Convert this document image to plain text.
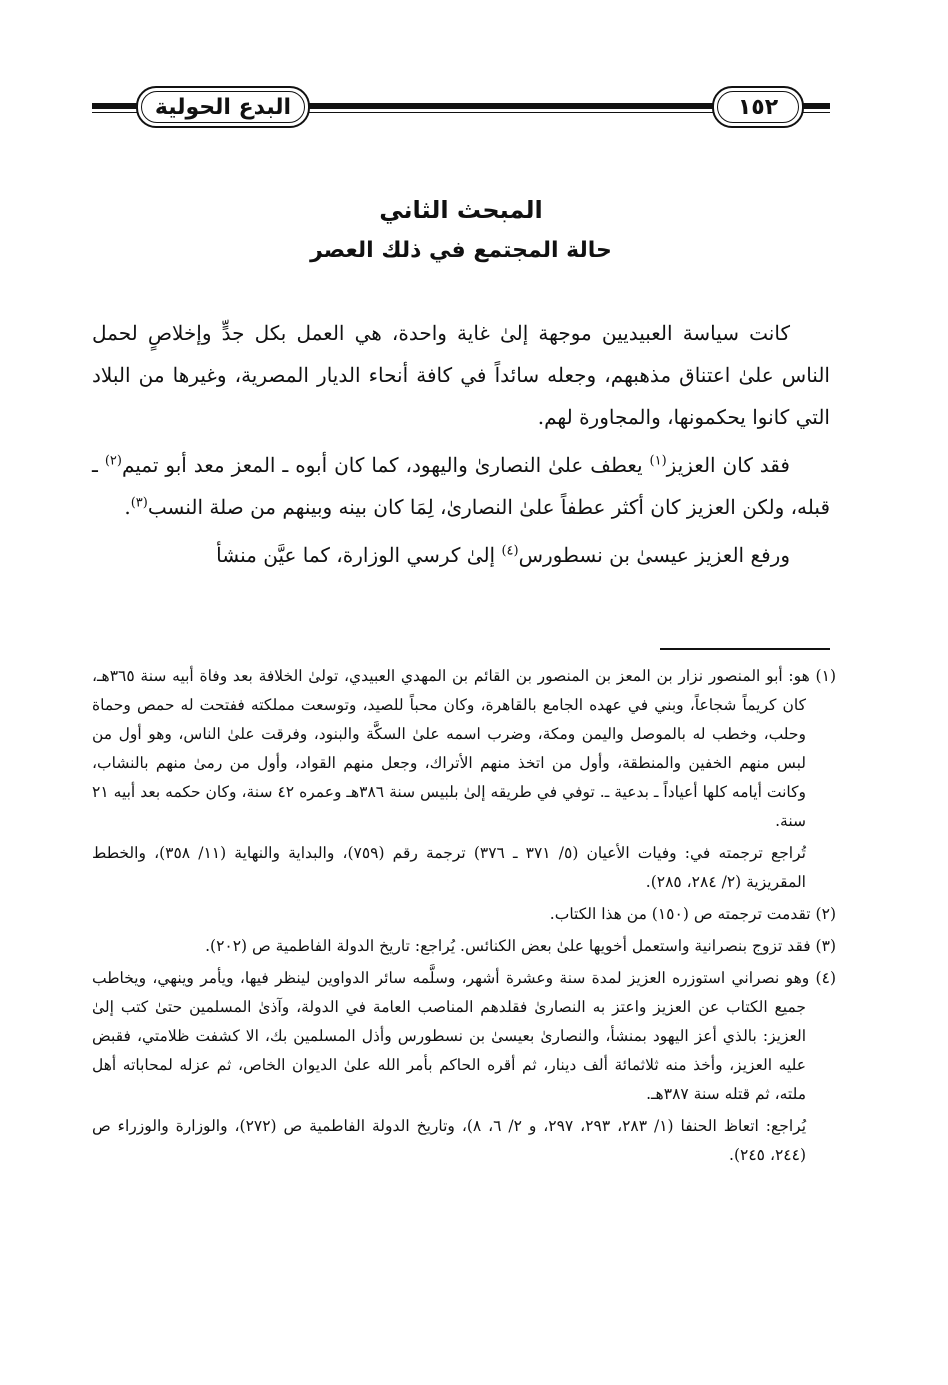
البدع الحولية	١٥٢
المبحث الثاني
حالة المجتمع في ذلك العصر

كانت سياسة العبيديين موجهة إلىٰ غاية واحدة، هي العمل بكل جدٍّ وإخلاصٍ لحمل الناس علىٰ اعتناق مذهبهم، وجعله سائداً في كافة أنحاء الديار المصرية، وغيرها من البلاد التي كانوا يحكمونها، والمجاورة لهم.

فقد كان العزيز$^{(١)}$ يعطف علىٰ النصارىٰ واليهود، كما كان أبوه ـ المعز معد أبو تميم$^{(٢)}$ ـ قبله، ولكن العزيز كان أكثر عطفاً علىٰ النصارىٰ، لِمَا كان بينه وبينهم من صلة النسب$^{(٣)}$.

ورفع العزيز عيسىٰ بن نسطورس$^{(٤)}$ إلىٰ كرسي الوزارة، كما عيَّن منشأ

(١) هو: أبو المنصور نزار بن المعز بن المنصور بن القائم بن المهدي العبيدي، تولىٰ الخلافة بعد وفاة أبيه سنة ٣٦٥هـ، كان كريماً شجاعاً، وبني في عهده الجامع بالقاهرة، وكان محباً للصيد، وتوسعت مملكته ففتحت له حمص وحماة وحلب، وخطب له بالموصل واليمن ومكة، وضرب اسمه علىٰ السكَّة والبنود، وفرقت علىٰ الناس، وهو أول من لبس منهم الخفين والمنطقة، وأول من اتخذ منهم الأتراك، وجعل منهم القواد، وأول من رمىٰ منهم بالنشاب، وكانت أيامه كلها أعياداً ـ بدعية ـ. توفي في طريقه إلىٰ بلبيس سنة ٣٨٦هـ وعمره ٤٢ سنة، وكان حكمه بعد أبيه ٢١ سنة.

تُراجع ترجمته في: وفيات الأعيان (٥/ ٣٧١ ـ ٣٧٦) ترجمة رقم (٧٥٩)، والبداية والنهاية (١١/ ٣٥٨)، والخطط المقريزية (٢/ ٢٨٤، ٢٨٥).

(٢) تقدمت ترجمته ص (١٥٠) من هذا الكتاب.

(٣) فقد تزوج بنصرانية واستعمل أخويها علىٰ بعض الكنائس. يُراجع: تاريخ الدولة الفاطمية ص (٢٠٢).

(٤) وهو نصراني استوزره العزيز لمدة سنة وعشرة أشهر، وسلَّمه سائر الدواوين لينظر فيها، ويأمر وينهي، ويخاطب جميع الكتاب عن العزيز واعتز به النصارىٰ فقلدهم المناصب العامة في الدولة، وآذىٰ المسلمين حتىٰ كتب إلىٰ العزيز: بالذي أعز اليهود بمنشأ، والنصارىٰ بعيسىٰ بن نسطورس وأذل المسلمين بك، الا كشفت ظلامتي، فقبض عليه العزيز، وأخذ منه ثلاثمائة ألف دينار، ثم أقره الحاكم بأمر الله علىٰ الديوان الخاص، ثم عزله لمحاباته أهل ملته، ثم قتله سنة ٣٨٧هـ.

يُراجع: اتعاظ الحنفا (١/ ٢٨٣، ٢٩٣، ٢٩٧، و ٢/ ٦، ٨)، وتاريخ الدولة الفاطمية ص (٢٧٢)، والوزارة والوزراء ص (٢٤٤، ٢٤٥).
